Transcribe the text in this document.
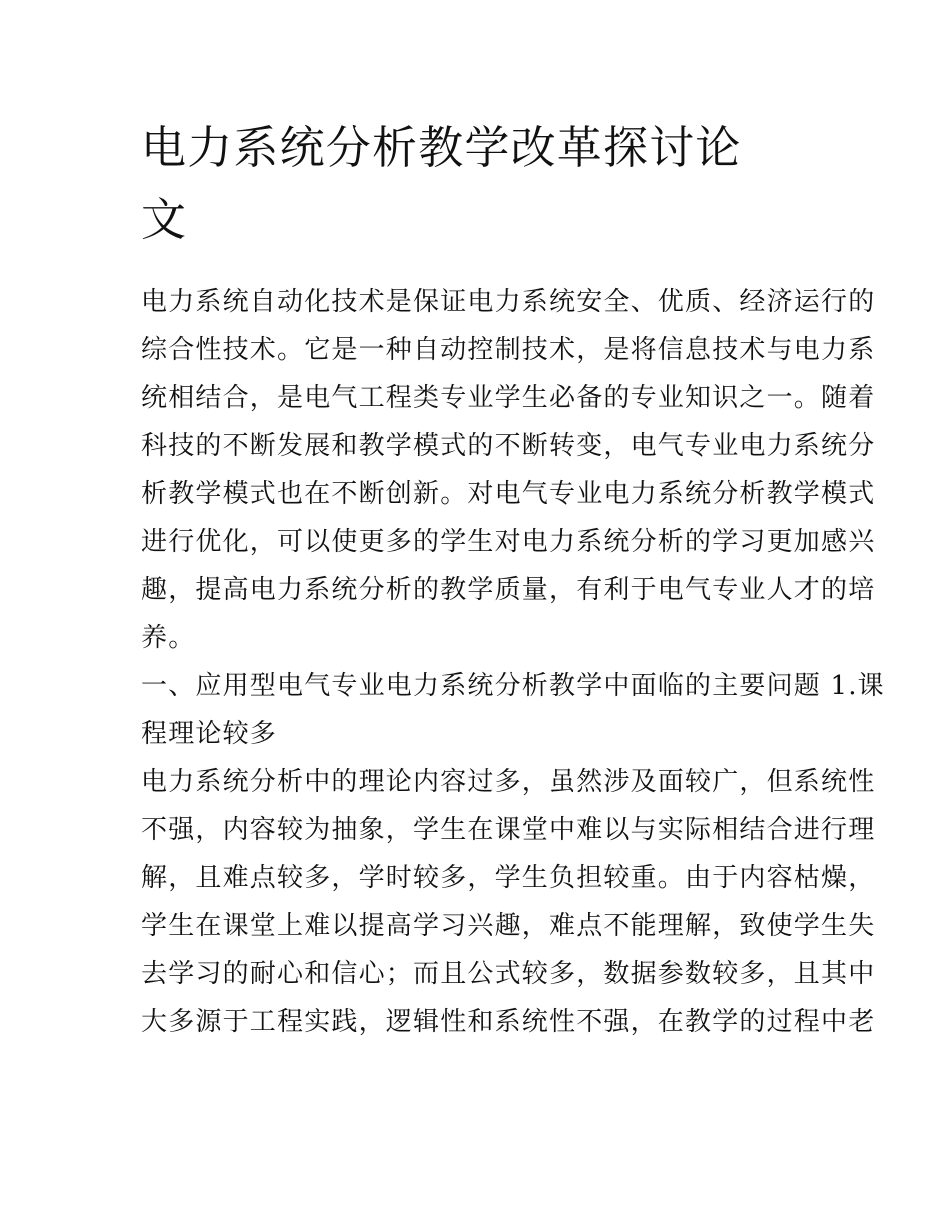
电力系统分析教学改革探讨论
文
电力系统自动化技术是保证电力系统安全、优质、经济运行的
综合性技术。它是一种自动控制技术，是将信息技术与电力系
统相结合，是电气工程类专业学生必备的专业知识之一。随着
科技的不断发展和教学模式的不断转变，电气专业电力系统分
析教学模式也在不断创新。对电气专业电力系统分析教学模式
进行优化，可以使更多的学生对电力系统分析的学习更加感兴
趣，提高电力系统分析的教学质量，有利于电气专业人才的培
养。
一、应用型电气专业电力系统分析教学中面临的主要问题 1.课
程理论较多
电力系统分析中的理论内容过多，虽然涉及面较广，但系统性
不强，内容较为抽象，学生在课堂中难以与实际相结合进行理
解，且难点较多，学时较多，学生负担较重。由于内容枯燥，
学生在课堂上难以提高学习兴趣，难点不能理解，致使学生失
去学习的耐心和信心；而且公式较多，数据参数较多，且其中
大多源于工程实践，逻辑性和系统性不强，在教学的过程中老
